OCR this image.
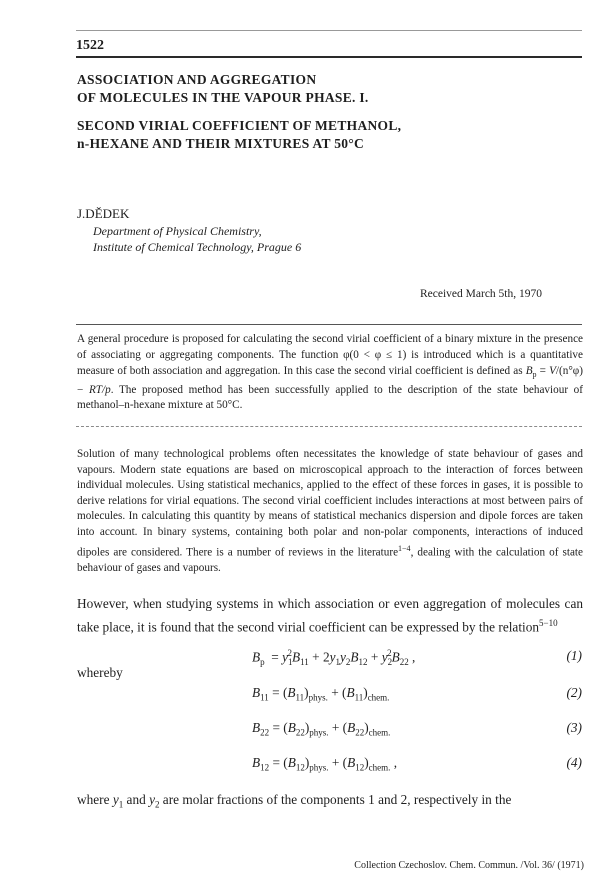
1522
ASSOCIATION AND AGGREGATION
OF MOLECULES IN THE VAPOUR PHASE. I.
SECOND VIRIAL COEFFICIENT OF METHANOL,
n-HEXANE AND THEIR MIXTURES AT 50°C
J.DĚDEK
Department of Physical Chemistry,
Institute of Chemical Technology, Prague 6
Received March 5th, 1970
A general procedure is proposed for calculating the second virial coefficient of a binary mixture in the presence of associating or aggregating components. The function φ(0 < φ ≤ 1) is introduced which is a quantitative measure of both association and aggregation. In this case the second virial coefficient is defined as $B_p = V/(n^\circ\varphi) - RT/p$. The proposed method has been successfully applied to the description of the state behaviour of methanol–n-hexane mixture at 50°C.
Solution of many technological problems often necessitates the knowledge of state behaviour of gases and vapours. Modern state equations are based on microscopical approach to the interaction of forces between individual molecules. Using statistical mechanics, applied to the effect of these forces in gases, it is possible to derive relations for virial equations. The second virial coefficient includes interactions at most between pairs of molecules. In calculating this quantity by means of statistical mechanics dispersion and dipole forces are taken into account. In binary systems, containing both polar and non-polar components, interactions of induced dipoles are considered. There is a number of reviews in the literature$^{1-4}$, dealing with the calculation of state behaviour of gases and vapours.
However, when studying systems in which association or even aggregation of molecules can take place, it is found that the second virial coefficient can be expressed by the relation$^{5-10}$
whereby
$B_p = y_1^2B_{11} + 2y_1y_2B_{12} + y_2^2B_{22}$ ,	(1)
$B_{11} = (B_{11})_{phys.} + (B_{11})_{chem.}$	(2)
$B_{22} = (B_{22})_{phys.} + (B_{22})_{chem.}$	(3)
$B_{12} = (B_{12})_{phys.} + (B_{12})_{chem.}$ ,	(4)
where $y_1$ and $y_2$ are molar fractions of the components 1 and 2, respectively in the
Collection Czechoslov. Chem. Commun. /Vol. 36/ (1971)
